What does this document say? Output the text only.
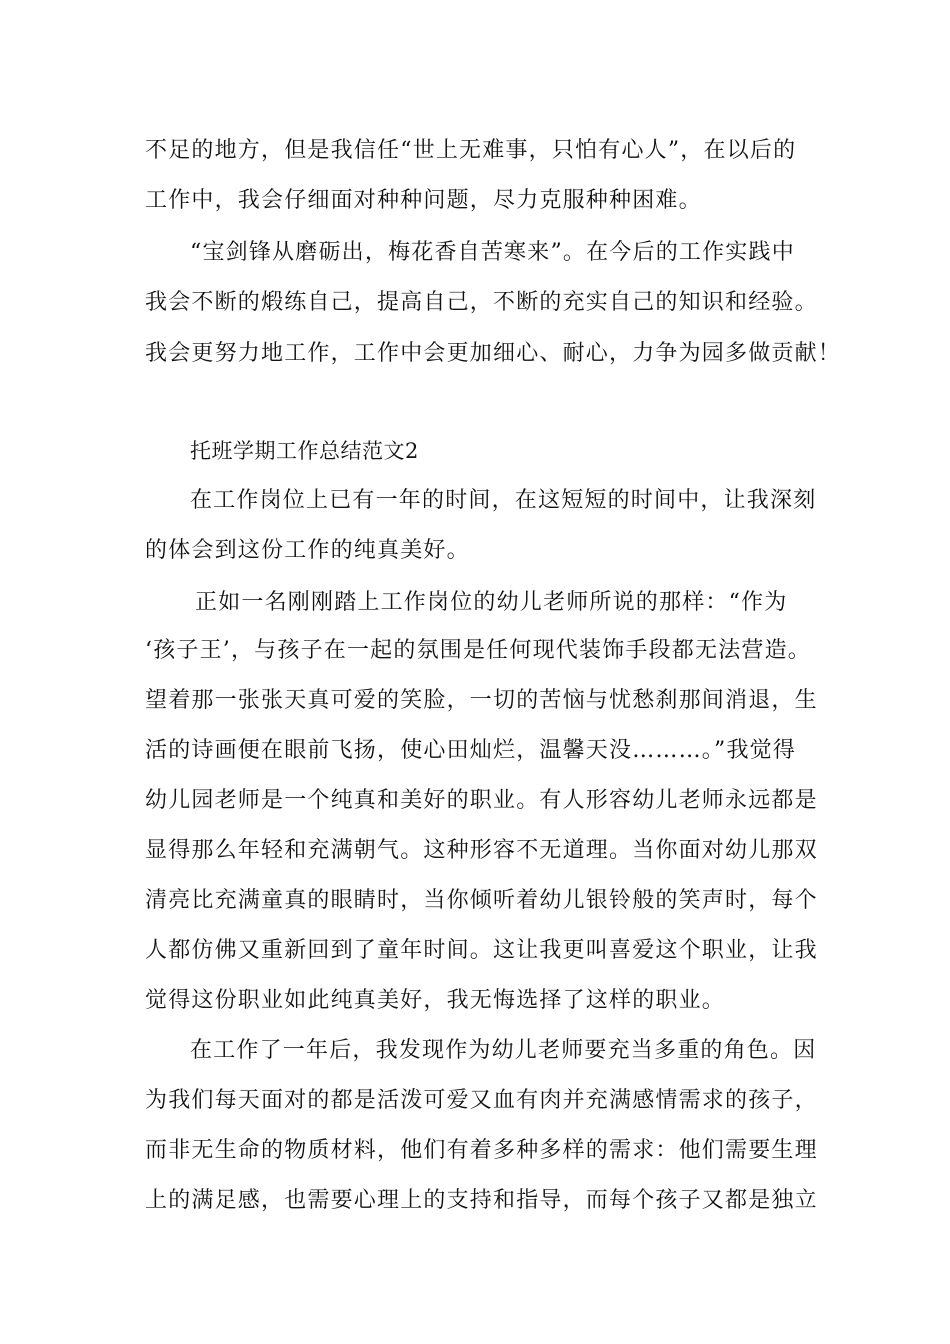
不足的地方，但是我信任“世上无难事，只怕有心人”，在以后的
工作中，我会仔细面对种种问题，尽力克服种种困难。
“宝剑锋从磨砺出，梅花香自苦寒来”。在今后的工作实践中
我会不断的煅练自己，提高自己，不断的充实自己的知识和经验。
我会更努力地工作，工作中会更加细心、耐心，力争为园多做贡献！
托班学期工作总结范文2
在工作岗位上已有一年的时间，在这短短的时间中，让我深刻
的体会到这份工作的纯真美好。
正如一名刚刚踏上工作岗位的幼儿老师所说的那样：“作为
‘孩子王’，与孩子在一起的氛围是任何现代装饰手段都无法营造。
望着那一张张天真可爱的笑脸，一切的苦恼与忧愁刹那间消退，生
活的诗画便在眼前飞扬，使心田灿烂，温馨天没………。”我觉得
幼儿园老师是一个纯真和美好的职业。有人形容幼儿老师永远都是
显得那么年轻和充满朝气。这种形容不无道理。当你面对幼儿那双
清亮比充满童真的眼睛时，当你倾听着幼儿银铃般的笑声时，每个
人都仿佛又重新回到了童年时间。这让我更叫喜爱这个职业，让我
觉得这份职业如此纯真美好，我无悔选择了这样的职业。
在工作了一年后，我发现作为幼儿老师要充当多重的角色。因
为我们每天面对的都是活泼可爱又血有肉并充满感情需求的孩子，
而非无生命的物质材料，他们有着多种多样的需求：他们需要生理
上的满足感，也需要心理上的支持和指导，而每个孩子又都是独立
